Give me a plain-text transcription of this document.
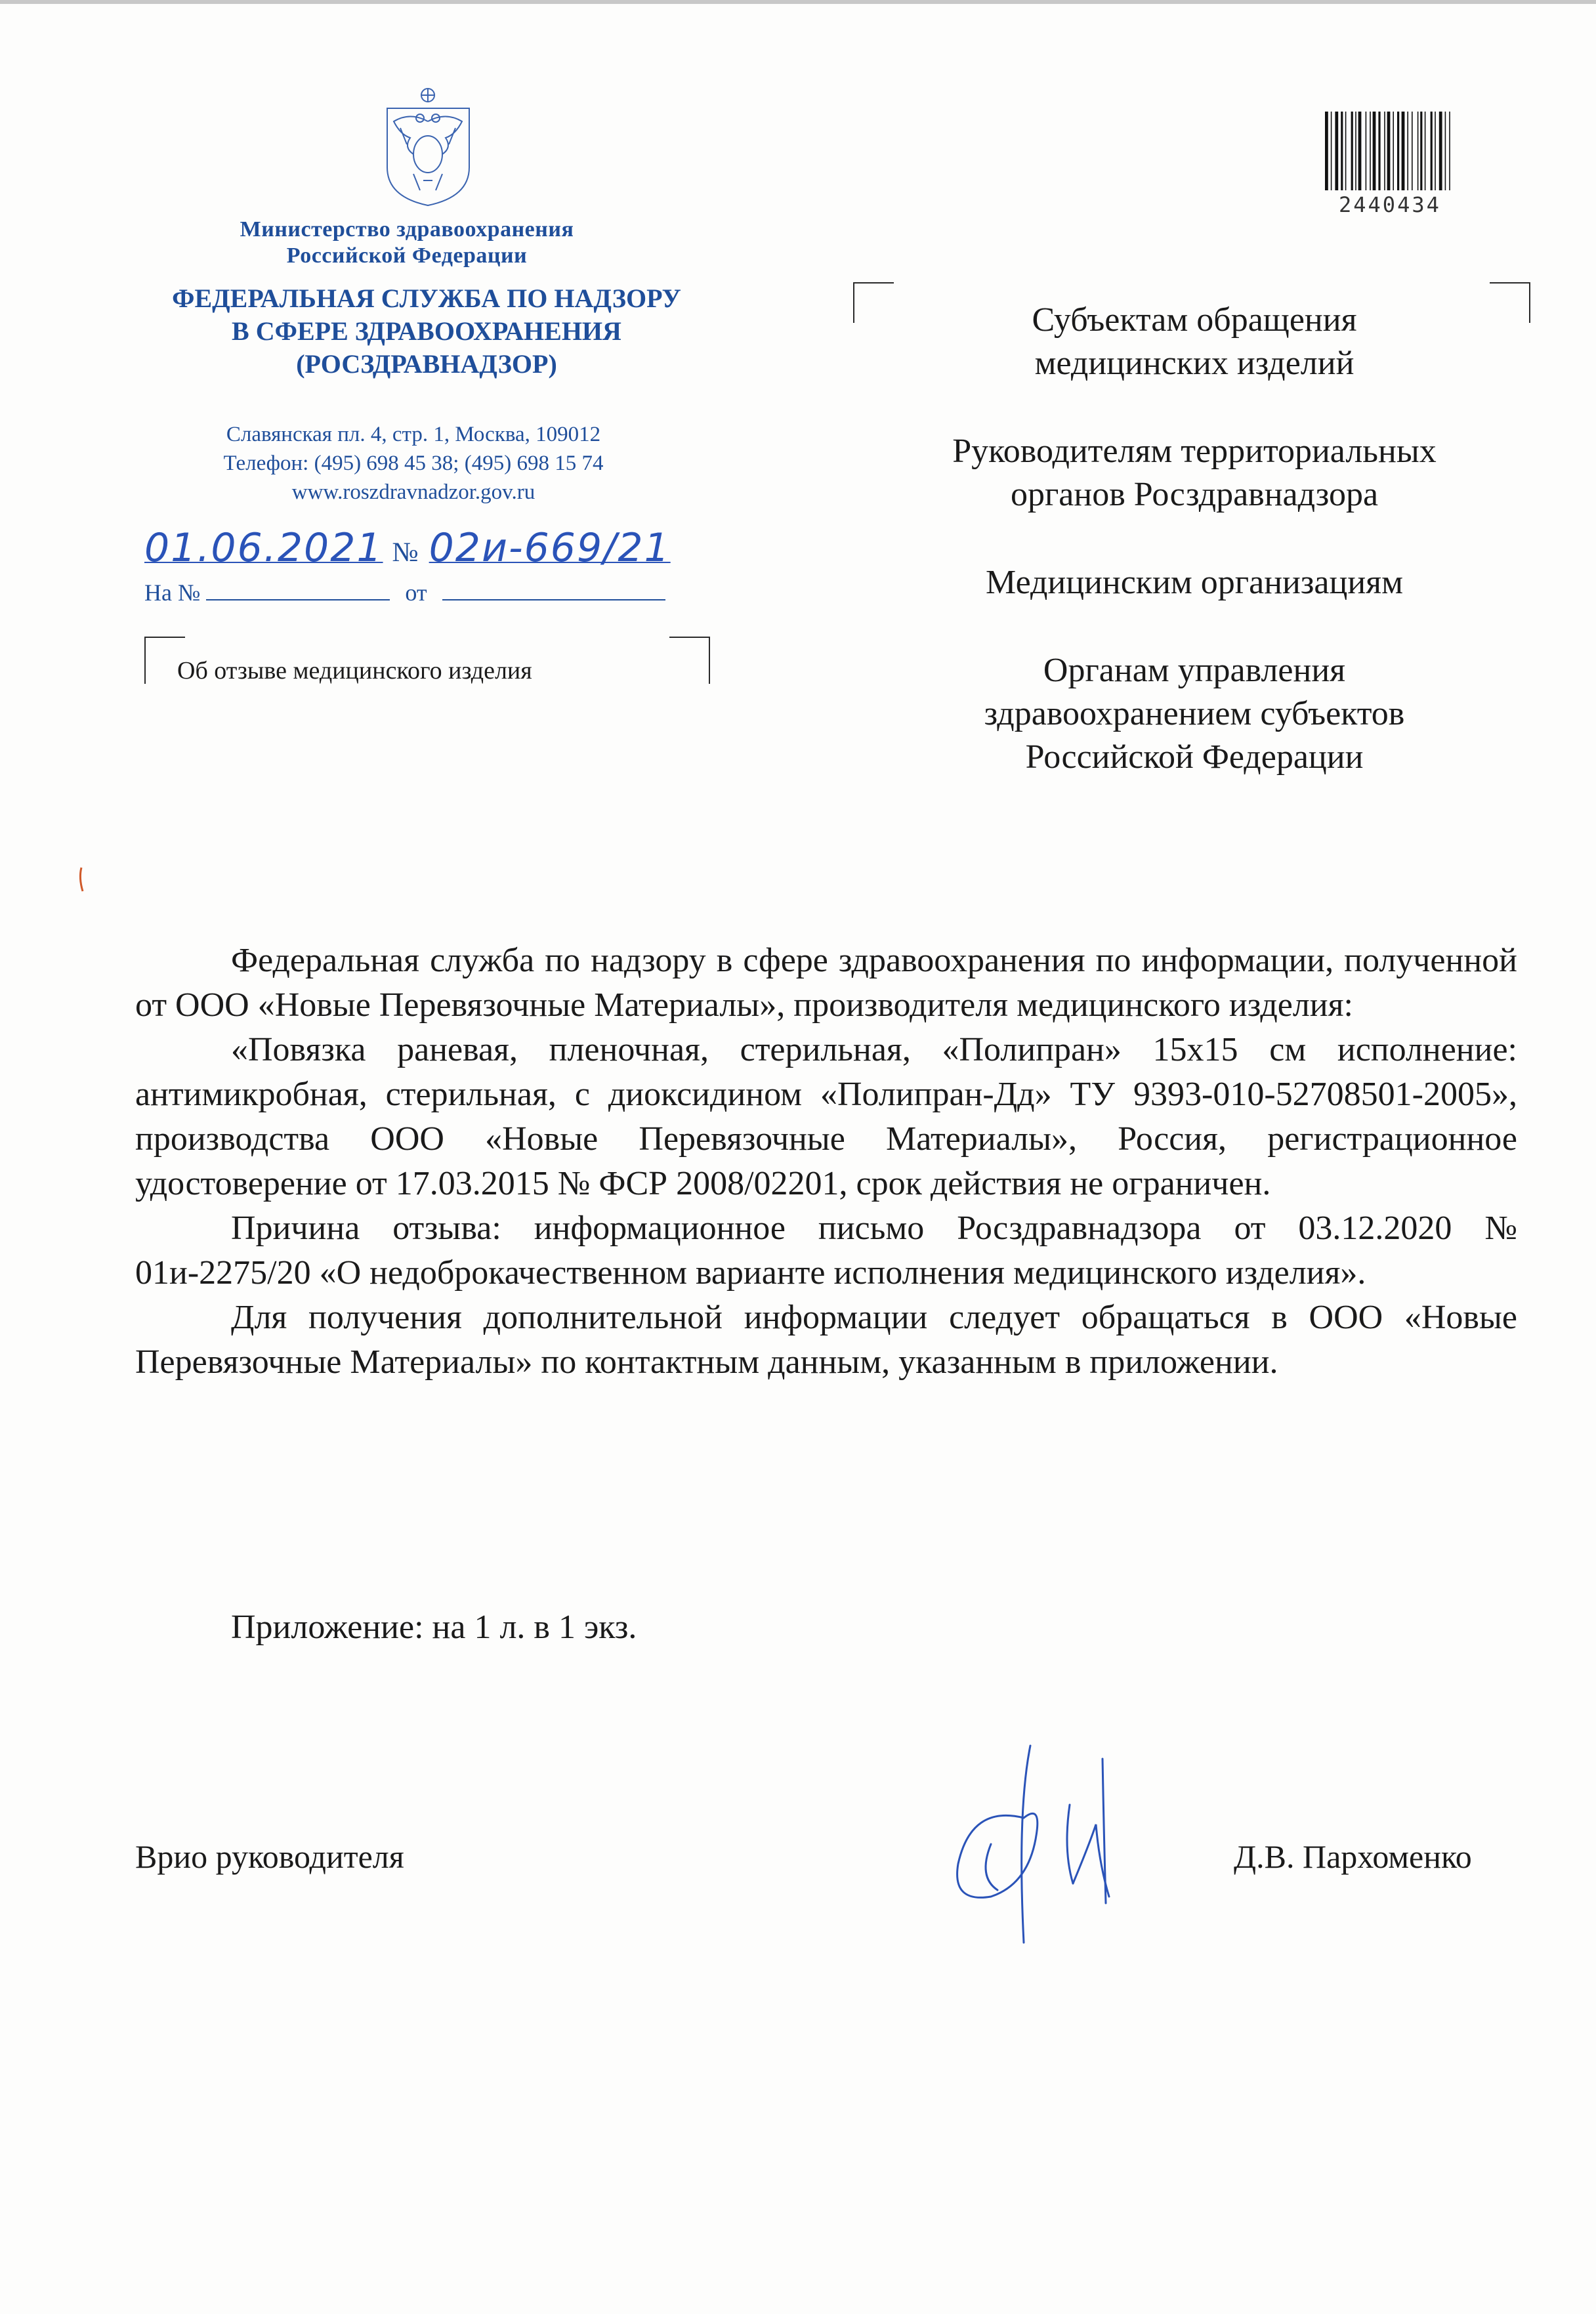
Министерство здравоохранения
Российской Федерации
ФЕДЕРАЛЬНАЯ СЛУЖБА ПО НАДЗОРУ
В СФЕРЕ ЗДРАВООХРАНЕНИЯ
(РОСЗДРАВНАДЗОР)
Славянская пл. 4, стр. 1, Москва, 109012
Телефон: (495) 698 45 38; (495) 698 15 74
www.roszdravnadzor.gov.ru
01.06.2021 № 02и-669/21
На №	от
Об отзыве медицинского изделия
2440434

Субъектам обращения
медицинских изделий

Руководителям территориальных
органов Росздравнадзора

Медицинским организациям

Органам управления
здравоохранением субъектов
Российской Федерации

Федеральная служба по надзору в сфере здравоохранения по информации, полученной от ООО «Новые Перевязочные Материалы», производителя медицинского изделия:

«Повязка раневая, пленочная, стерильная, «Полипран» 15x15 см исполнение: антимикробная, стерильная, с диоксидином «Полипран-Дд» ТУ 9393-010-52708501-2005», производства ООО «Новые Перевязочные Материалы», Россия, регистрационное удостоверение от 17.03.2015 № ФСР 2008/02201, срок действия не ограничен.

Причина отзыва: информационное письмо Росздравнадзора от 03.12.2020 № 01и-2275/20 «О недоброкачественном варианте исполнения медицинского изделия».

Для получения дополнительной информации следует обращаться в ООО «Новые Перевязочные Материалы» по контактным данным, указанным в приложении.

Приложение: на 1 л. в 1 экз.
Врио руководителя	Д.В. Пархоменко
